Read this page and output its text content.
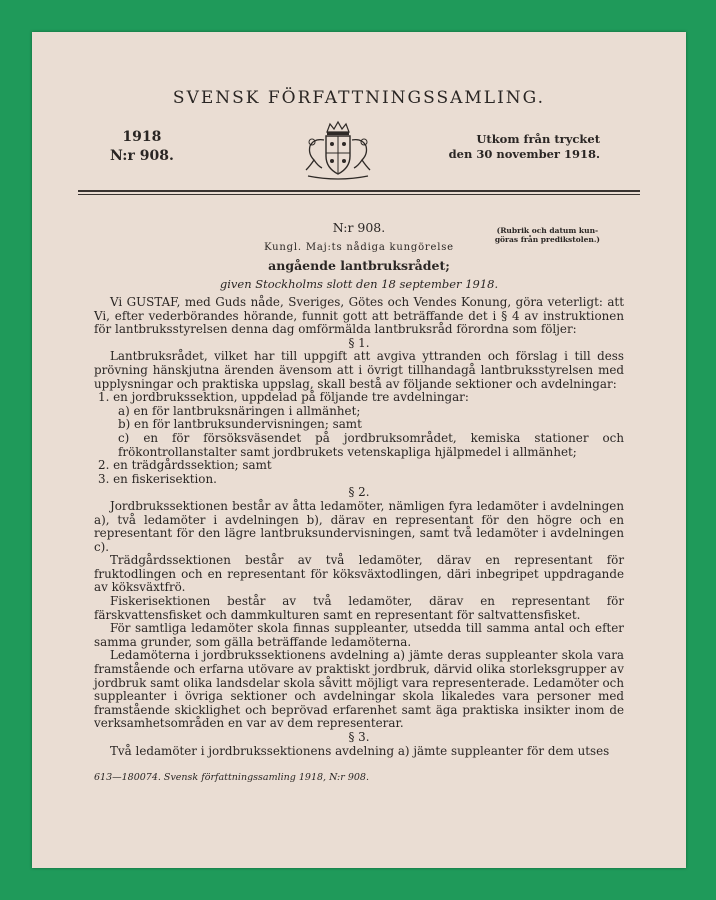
SVENSK FÖRFATTNINGSSAMLING.
1918
N:r 908.
Utkom från trycket
den 30 november 1918.
N:r 908.	(Rubrik och datum kun-
göras från predikstolen.)
Kungl. Maj:ts nådiga kungörelse
angående lantbruksrådet;
given Stockholms slott den 18 september 1918.

Vi GUSTAF, med Guds nåde, Sveriges, Götes och Vendes Konung, göra veterligt: att Vi, efter vederbörandes hörande, funnit gott att beträffande det i § 4 av instruktionen för lantbruksstyrelsen denna dag omförmälda lantbruksråd förordna som följer:

§ 1.

Lantbruksrådet, vilket har till uppgift att avgiva yttranden och förslag i till dess prövning hänskjutna ärenden ävensom att i övrigt tillhandagå lantbruksstyrelsen med upplysningar och praktiska uppslag, skall bestå av följande sektioner och avdelningar:

1. en jordbrukssektion, uppdelad på följande tre avdelningar:

a) en för lantbruksnäringen i allmänhet;

b) en för lantbruksundervisningen; samt

c) en för försöksväsendet på jordbruksområdet, kemiska stationer och frökontrollanstalter samt jordbrukets vetenskapliga hjälpmedel i allmänhet;

2. en trädgårdssektion; samt

3. en fiskerisektion.

§ 2.

Jordbrukssektionen består av åtta ledamöter, nämligen fyra ledamöter i avdelningen a), två ledamöter i avdelningen b), därav en representant för den högre och en representant för den lägre lantbruksundervisningen, samt två ledamöter i avdelningen c).

Trädgårdssektionen består av två ledamöter, därav en representant för fruktodlingen och en representant för köksväxtodlingen, däri inbegripet uppdragande av köksväxtfrö.

Fiskerisektionen består av två ledamöter, därav en representant för färskvattensfisket och dammkulturen samt en representant för saltvattensfisket.

För samtliga ledamöter skola finnas suppleanter, utsedda till samma antal och efter samma grunder, som gälla beträffande ledamöterna.

Ledamöterna i jordbrukssektionens avdelning a) jämte deras suppleanter skola vara framstående och erfarna utövare av praktiskt jordbruk, därvid olika storleksgrupper av jordbruk samt olika landsdelar skola såvitt möjligt vara representerade. Ledamöter och suppleanter i övriga sektioner och avdelningar skola likaledes vara personer med framstående skicklighet och beprövad erfarenhet samt äga praktiska insikter inom de verksamhetsområden en var av dem representerar.

§ 3.

Två ledamöter i jordbrukssektionens avdelning a) jämte suppleanter för dem utses

613—180074. Svensk författningssamling 1918, N:r 908.
